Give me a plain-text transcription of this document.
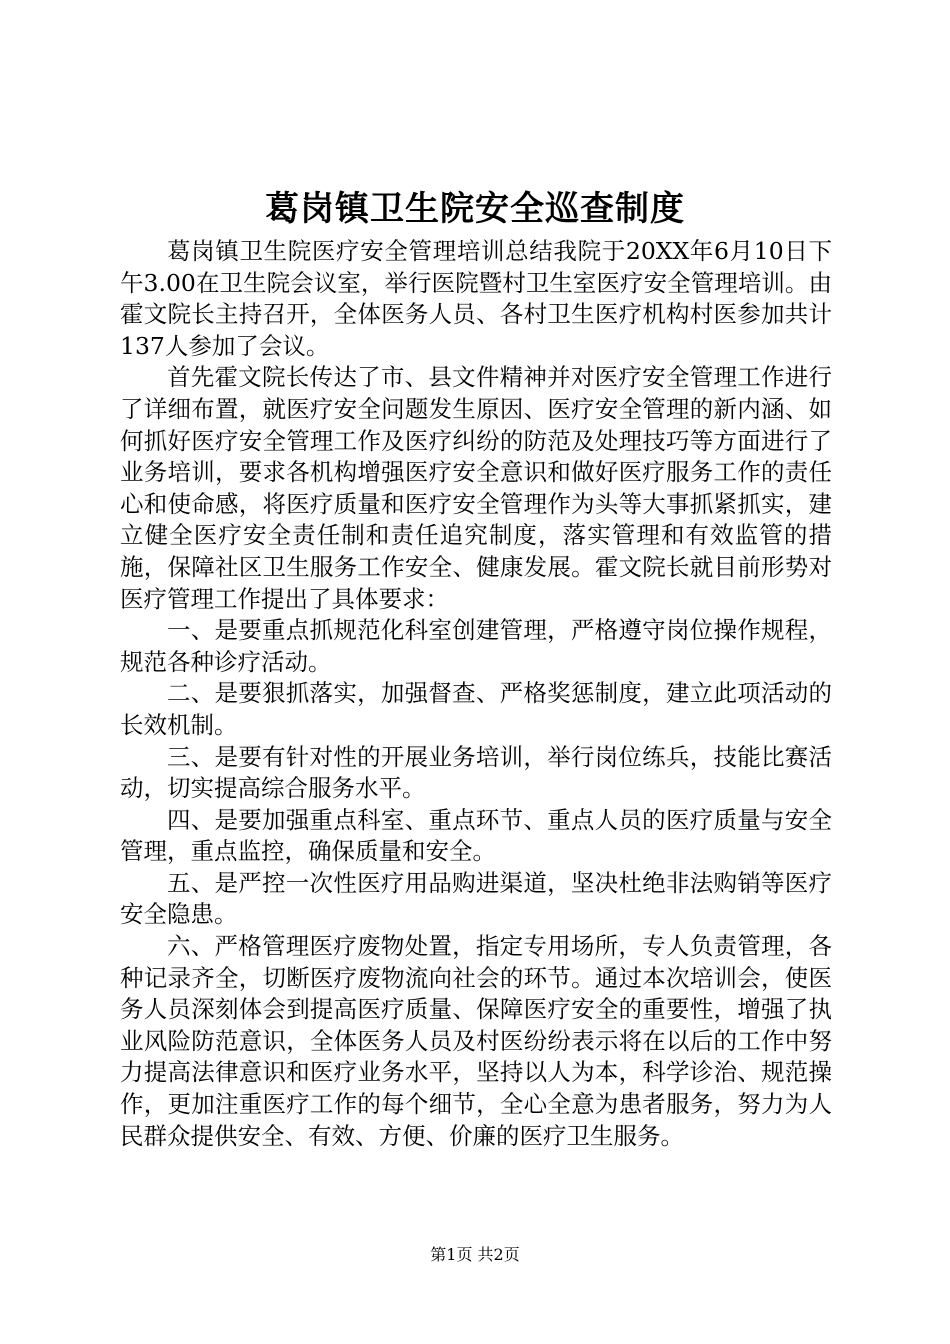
葛岗镇卫生院安全巡查制度

葛岗镇卫生院医疗安全管理培训总结我院于20XX年6月10日下午3.00在卫生院会议室，举行医院暨村卫生室医疗安全管理培训。由霍文院长主持召开，全体医务人员、各村卫生医疗机构村医参加共计137人参加了会议。

首先霍文院长传达了市、县文件精神并对医疗安全管理工作进行了详细布置，就医疗安全问题发生原因、医疗安全管理的新内涵、如何抓好医疗安全管理工作及医疗纠纷的防范及处理技巧等方面进行了业务培训，要求各机构增强医疗安全意识和做好医疗服务工作的责任心和使命感，将医疗质量和医疗安全管理作为头等大事抓紧抓实，建立健全医疗安全责任制和责任追究制度，落实管理和有效监管的措施，保障社区卫生服务工作安全、健康发展。霍文院长就目前形势对医疗管理工作提出了具体要求：

一、是要重点抓规范化科室创建管理，严格遵守岗位操作规程，规范各种诊疗活动。

二、是要狠抓落实，加强督查、严格奖惩制度，建立此项活动的长效机制。

三、是要有针对性的开展业务培训，举行岗位练兵，技能比赛活动，切实提高综合服务水平。

四、是要加强重点科室、重点环节、重点人员的医疗质量与安全管理，重点监控，确保质量和安全。

五、是严控一次性医疗用品购进渠道，坚决杜绝非法购销等医疗安全隐患。

六、严格管理医疗废物处置，指定专用场所，专人负责管理，各种记录齐全，切断医疗废物流向社会的环节。通过本次培训会，使医务人员深刻体会到提高医疗质量、保障医疗安全的重要性，增强了执业风险防范意识，全体医务人员及村医纷纷表示将在以后的工作中努力提高法律意识和医疗业务水平，坚持以人为本，科学诊治、规范操作，更加注重医疗工作的每个细节，全心全意为患者服务，努力为人民群众提供安全、有效、方便、价廉的医疗卫生服务。

第1页 共2页
